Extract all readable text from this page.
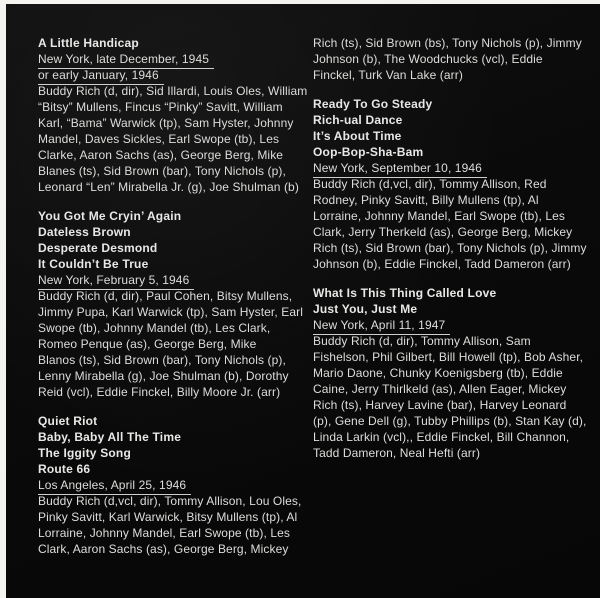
A Little Handicap
New York, late December, 1945
or early January, 1946
Buddy Rich (d, dir), Sid Illardi, Louis Oles, William
“Bitsy” Mullens, Fincus “Pinky” Savitt, William
Karl, “Bama” Warwick (tp), Sam Hyster, Johnny
Mandel, Daves Sickles, Earl Swope (tb), Les
Clarke, Aaron Sachs (as), George Berg, Mike
Blanes (ts), Sid Brown (bar), Tony Nichols (p),
Leonard “Len” Mirabella Jr. (g), Joe Shulman (b)
You Got Me Cryin’ Again
Dateless Brown
Desperate Desmond
It Couldn’t Be True
New York, February 5, 1946
Buddy Rich (d, dir), Paul Cohen, Bitsy Mullens,
Jimmy Pupa, Karl Warwick (tp), Sam Hyster, Earl
Swope (tb), Johnny Mandel (tb), Les Clark,
Romeo Penque (as), George Berg, Mike
Blanos (ts), Sid Brown (bar), Tony Nichols (p),
Lenny Mirabella (g), Joe Shulman (b), Dorothy
Reid (vcl), Eddie Finckel, Billy Moore Jr. (arr)
Quiet Riot
Baby, Baby All The Time
The Iggity Song
Route 66
Los Angeles, April 25, 1946
Buddy Rich (d,vcl, dir), Tommy Allison, Lou Oles,
Pinky Savitt, Karl Warwick, Bitsy Mullens (tp), Al
Lorraine, Johnny Mandel, Earl Swope (tb), Les
Clark, Aaron Sachs (as), George Berg, Mickey
Rich (ts), Sid Brown (bs), Tony Nichols (p), Jimmy
Johnson (b), The Woodchucks (vcl), Eddie
Finckel, Turk Van Lake (arr)
Ready To Go Steady
Rich-ual Dance
It’s About Time
Oop-Bop-Sha-Bam
New York, September 10, 1946
Buddy Rich (d,vcl, dir), Tommy Allison, Red
Rodney, Pinky Savitt, Billy Mullens (tp), Al
Lorraine, Johnny Mandel, Earl Swope (tb), Les
Clark, Jerry Therkeld (as), George Berg, Mickey
Rich (ts), Sid Brown (bar), Tony Nichols (p), Jimmy
Johnson (b), Eddie Finckel, Tadd Dameron (arr)
What Is This Thing Called Love
Just You, Just Me
New York, April 11, 1947
Buddy Rich (d, dir), Tommy Allison, Sam
Fishelson, Phil Gilbert, Bill Howell (tp), Bob Asher,
Mario Daone, Chunky Koenigsberg (tb), Eddie
Caine, Jerry Thirlkeld (as), Allen Eager, Mickey
Rich (ts), Harvey Lavine (bar), Harvey Leonard
(p), Gene Dell (g), Tubby Phillips (b), Stan Kay (d),
Linda Larkin (vcl),, Eddie Finckel, Bill Channon,
Tadd Dameron, Neal Hefti (arr)
